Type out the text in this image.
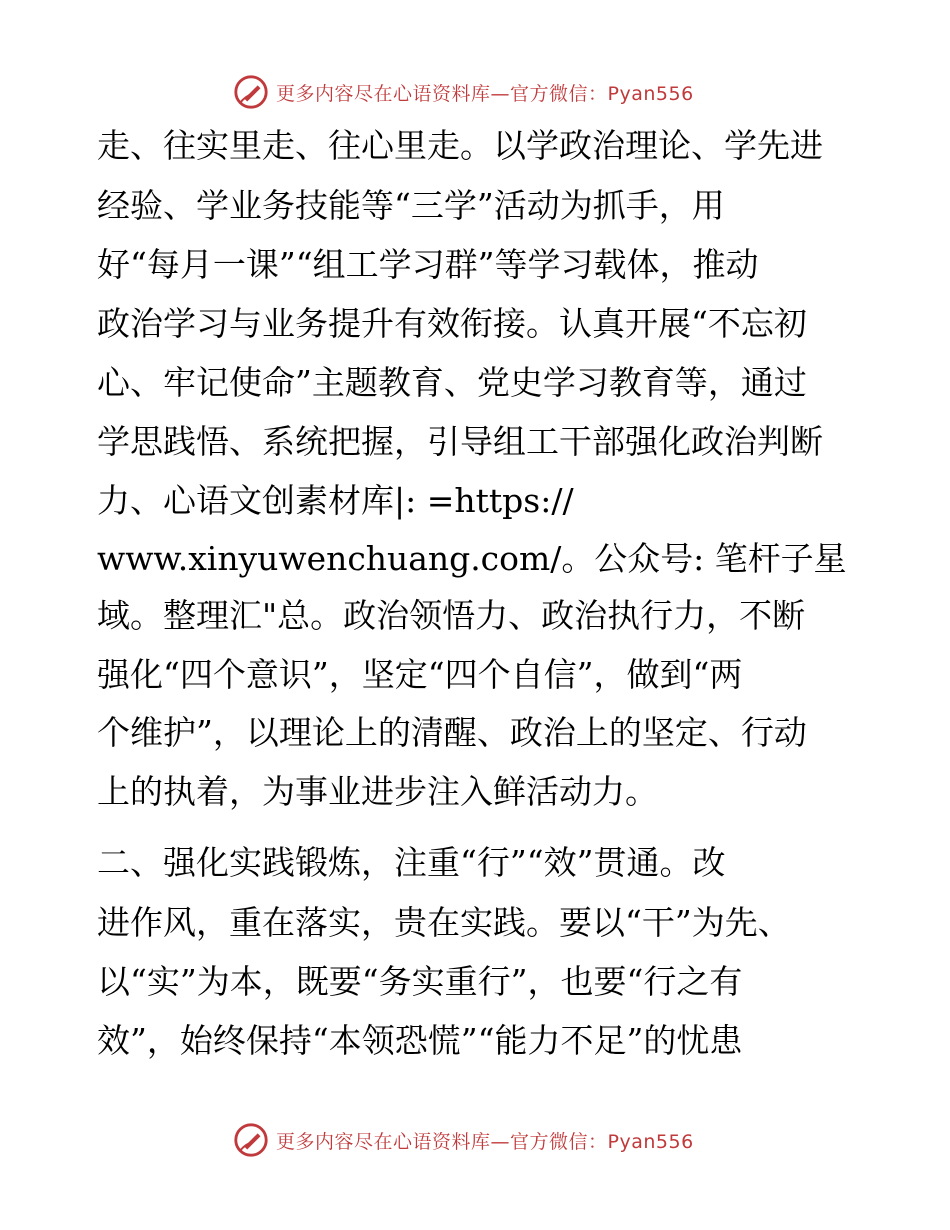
更多内容尽在心语资料库—官方微信：Pyan556
走、往实里走、往心里走。以学政治理论、学先进
经验、学业务技能等“三学”活动为抓手，用
好“每月一课”“组工学习群”等学习载体，推动
政治学习与业务提升有效衔接。认真开展“不忘初
心、牢记使命”主题教育、党史学习教育等，通过
学思践悟、系统把握，引导组工干部强化政治判断
力、心语文创素材库|: =https://
www.xinyuwenchuang.com/。公众号: 笔杆子星
域。整理汇"总。政治领悟力、政治执行力，不断
强化“四个意识”，坚定“四个自信”，做到“两
个维护”，以理论上的清醒、政治上的坚定、行动
上的执着，为事业进步注入鲜活动力。
二、强化实践锻炼，注重“行”“效”贯通。改
进作风，重在落实，贵在实践。要以“干”为先、
以“实”为本，既要“务实重行”，也要“行之有
效”，始终保持“本领恐慌”“能力不足”的忧患
更多内容尽在心语资料库—官方微信：Pyan556
